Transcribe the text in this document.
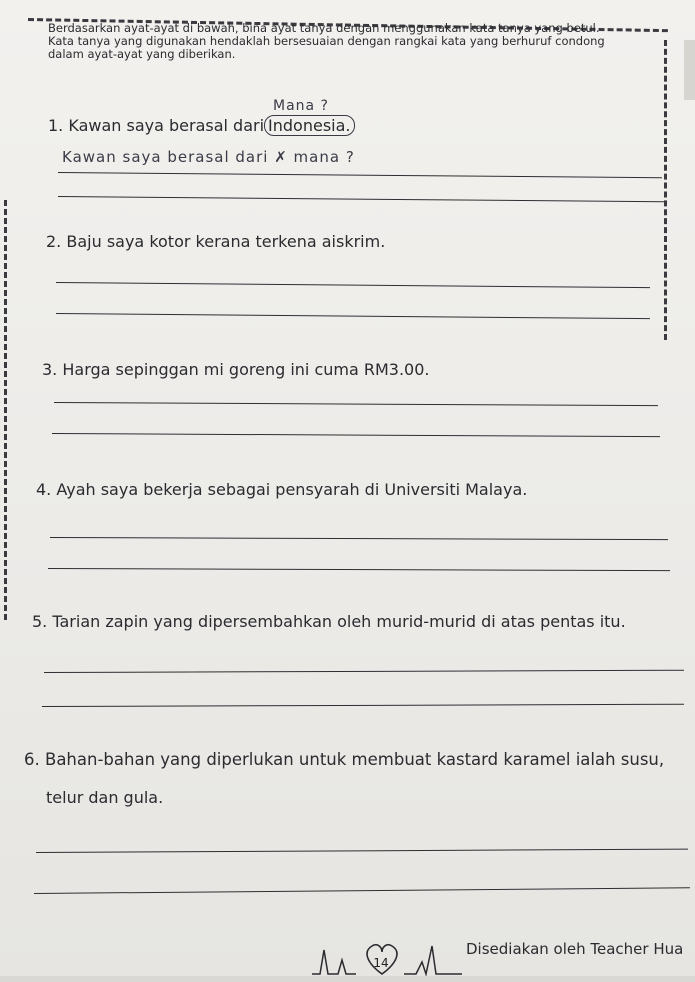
Berdasarkan ayat-ayat di bawah, bina ayat tanya dengan menggunakan kata tanya yang betul.

Kata tanya yang digunakan hendaklah bersesuaian dengan rangkai kata yang berhuruf condong

dalam ayat-ayat yang diberikan.

1. Kawan saya berasal dari Indonesia.
Mana ?
Kawan saya berasal dari ✗ mana ?
2. Baju saya kotor kerana terkena aiskrim.
3. Harga sepinggan mi goreng ini cuma RM3.00.
4. Ayah saya bekerja sebagai pensyarah di Universiti Malaya.
5. Tarian zapin yang dipersembahkan oleh murid-murid di atas pentas itu.
6. Bahan-bahan yang diperlukan untuk membuat kastard karamel ialah susu,
telur dan gula.
14
Disediakan oleh Teacher Hua
